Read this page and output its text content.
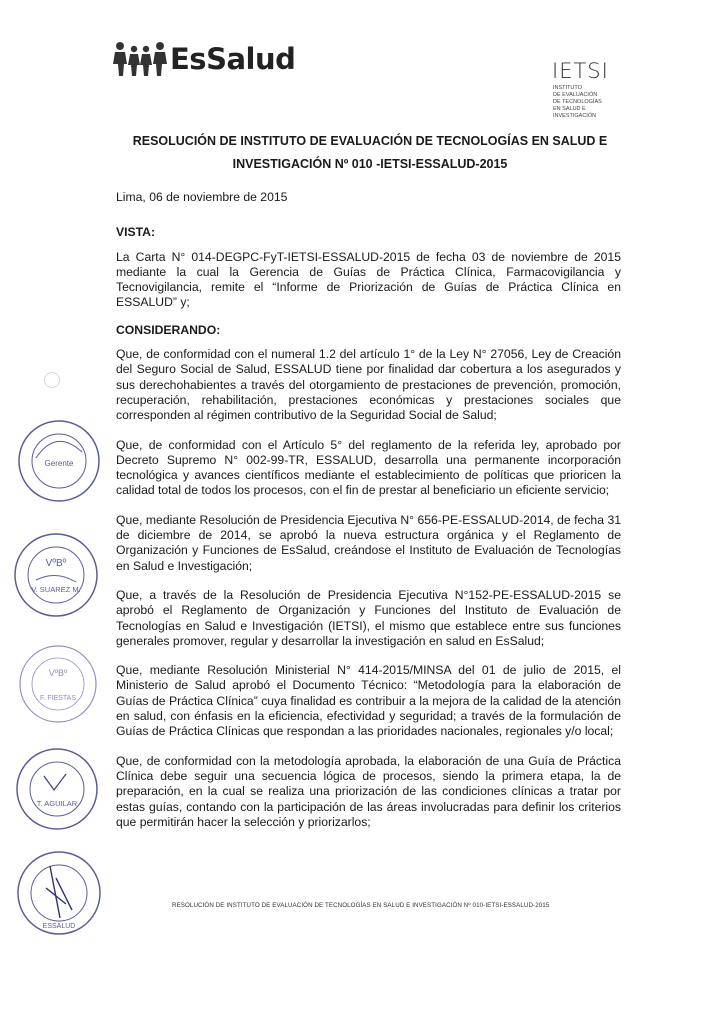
EsSalud	IETSI
INSTITUTO
DE EVALUACIÓN
DE TECNOLOGÍAS
EN SALUD E
INVESTIGACIÓN
RESOLUCIÓN DE INSTITUTO DE EVALUACIÓN DE TECNOLOGÍAS EN SALUD E
INVESTIGACIÓN Nº 010 -IETSI-ESSALUD-2015

Lima, 06 de noviembre de 2015

VISTA:

La Carta N° 014-DEGPC-FyT-IETSI-ESSALUD-2015 de fecha 03 de noviembre de 2015 mediante la cual la Gerencia de Guías de Práctica Clínica, Farmacovigilancia y Tecnovigilancia, remite el “Informe de Priorización de Guías de Práctica Clínica en ESSALUD” y;

CONSIDERANDO:

Que, de conformidad con el numeral 1.2 del artículo 1° de la Ley N° 27056, Ley de Creación del Seguro Social de Salud, ESSALUD tiene por finalidad dar cobertura a los asegurados y sus derechohabientes a través del otorgamiento de prestaciones de prevención, promoción, recuperación, rehabilitación, prestaciones económicas y prestaciones sociales que corresponden al régimen contributivo de la Seguridad Social de Salud;

Que, de conformidad con el Artículo 5° del reglamento de la referida ley, aprobado por Decreto Supremo N° 002-99-TR, ESSALUD, desarrolla una permanente incorporación tecnológica y avances científicos mediante el establecimiento de políticas que prioricen la calidad total de todos los procesos, con el fin de prestar al beneficiario un eficiente servicio;

Que, mediante Resolución de Presidencia Ejecutiva N° 656-PE-ESSALUD-2014, de fecha 31 de diciembre de 2014, se aprobó la nueva estructura orgánica y el Reglamento de Organización y Funciones de EsSalud, creándose el Instituto de Evaluación de Tecnologías en Salud e Investigación;

Que, a través de la Resolución de Presidencia Ejecutiva N°152-PE-ESSALUD-2015 se aprobó el Reglamento de Organización y Funciones del Instituto de Evaluación de Tecnologías en Salud e Investigación (IETSI), el mismo que establece entre sus funciones generales promover, regular y desarrollar la investigación en salud en EsSalud;

Que, mediante Resolución Ministerial N° 414-2015/MINSA del 01 de julio de 2015, el Ministerio de Salud aprobó el Documento Técnico: “Metodología para la elaboración de Guías de Práctica Clínica” cuya finalidad es contribuir a la mejora de la calidad de la atención en salud, con énfasis en la eficiencia, efectividad y seguridad; a través de la formulación de Guías de Práctica Clínicas que respondan a las prioridades nacionales, regionales y/o local;

Que, de conformidad con la metodología aprobada, la elaboración de una Guía de Práctica Clínica debe seguir una secuencia lógica de procesos, siendo la primera etapa, la de preparación, en la cual se realiza una priorización de las condiciones clínicas a tratar por estas guías, contando con la participación de las áreas involucradas para definir los criterios que permitirán hacer la selección y priorizarlos;

Gerente
VºBº
V. SUAREZ M.
VºBº
F. FIESTAS
T. AGUILAR
ESSALUD
RESOLUCIÓN DE INSTITUTO DE EVALUACIÓN DE TECNOLOGÍAS EN SALUD E INVESTIGACIÓN Nº 010-IETSI-ESSALUD-2015
